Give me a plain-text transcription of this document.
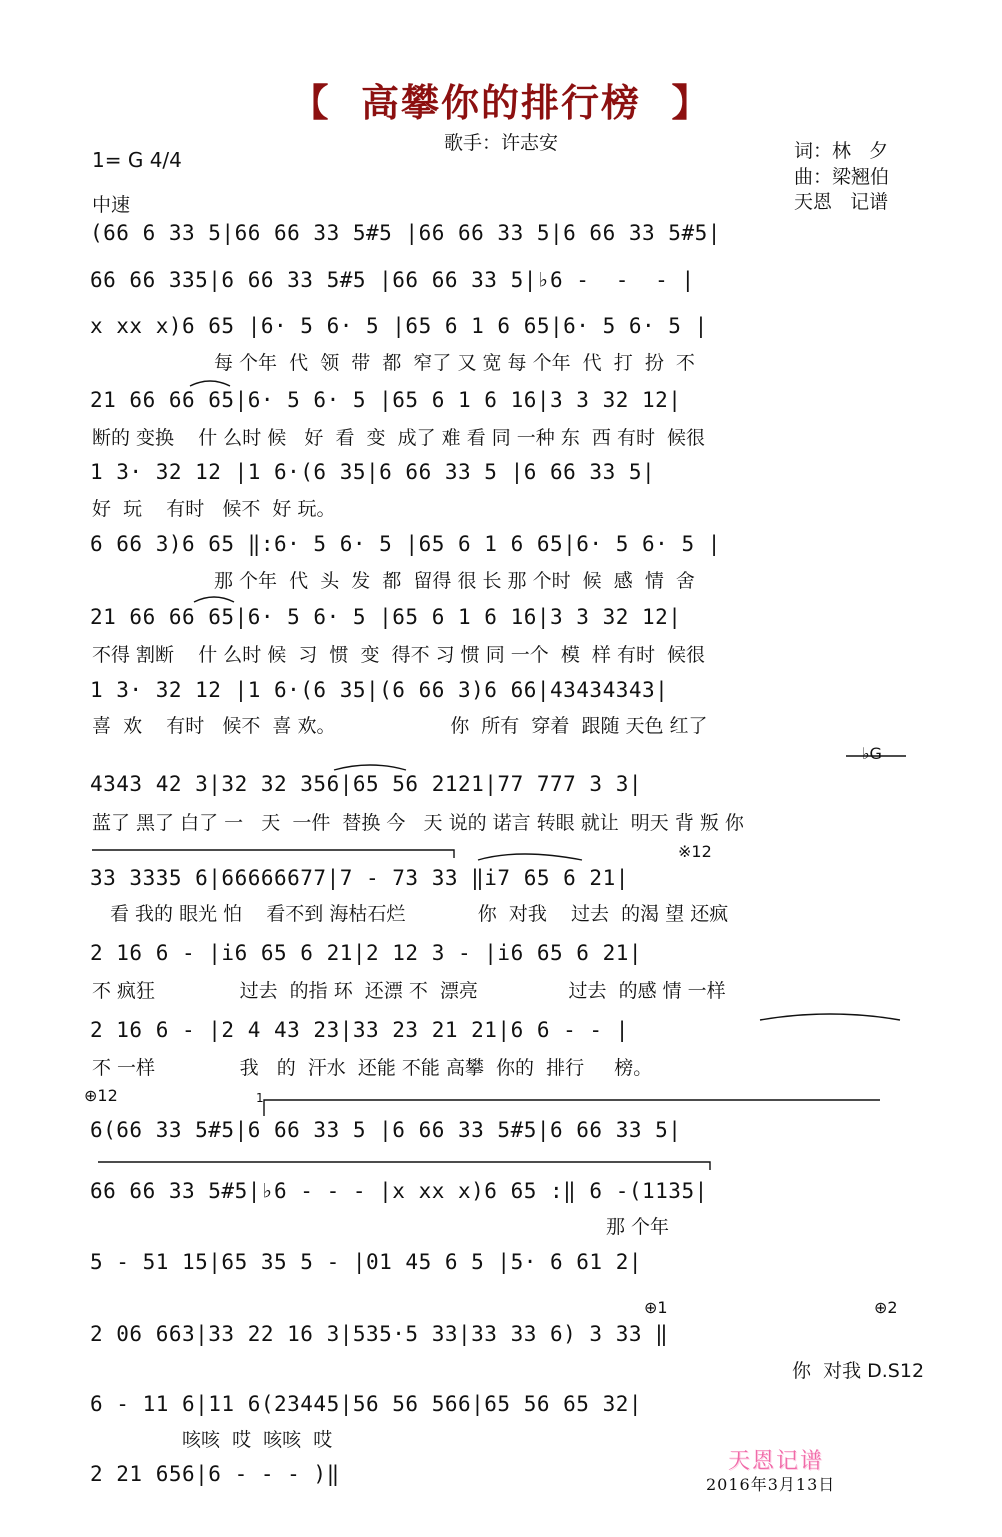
【  高攀你的排行榜  】
歌手：许志安	词：林   夕
曲：梁翘伯
天恩   记谱
1= G 4/4
中速
(66 6 33 5|66 66 33 5#5 |66 66 33 5|6 66 33 5#5|
66 66 335|6 66 33 5#5 |66 66 33 5|♭6 -  -  - |
x xx x)6 65 |6· 5 6· 5 |65 6 1 6 65|6· 5 6· 5 |
每 个年  代  领  带  都  窄了 又 宽 每 个年  代  打  扮  不
21 66 66 65|6· 5 6· 5 |65 6 1 6 16|3 3 32 12|
断的 变换    什 么时 候   好  看  变  成了 难 看 同 一种 东  西 有时  候很
1 3· 32 12 |1 6·(6 35|6 66 33 5 |6 66 33 5|
好  玩    有时   候不  好 玩。
6 66 3)6 65 ‖:6· 5 6· 5 |65 6 1 6 65|6· 5 6· 5 |
那 个年  代  头  发  都  留得 很 长 那 个时  候  感  情  舍
21 66 66 65|6· 5 6· 5 |65 6 1 6 16|3 3 32 12|
不得 割断    什 么时 候  习  惯  变  得不 习 惯 同 一个  模  样 有时  候很
1 3· 32 12 |1 6·(6 35|(6 66 3)6 66|43434343|
喜  欢    有时   候不  喜 欢。                   你  所有  穿着  跟随 天色 红了
4343 42 3|32 32 356|65 56 2121|77 777 3 3|
蓝了 黑了 白了 一   天  一件  替换 今   天 说的 诺言 转眼 就让  明天 背 叛 你
33 3335 6|66666677|7 - 73 33 ‖i7 65 6 21|
看 我的 眼光 怕    看不到 海枯石烂            你  对我    过去  的渴 望 还疯
2 16 6 - |i6 65 6 21|2 12 3 - |i6 65 6 21|
不 疯狂              过去  的指 环  还漂 不  漂亮               过去  的感 情 一样
2 16 6 - |2 4 43 23|33 23 21 21|6 6 - - |
不 一样              我   的  汗水  还能 不能 高攀  你的  排行     榜。
6(66 33 5#5|6 66 33 5 |6 66 33 5#5|6 66 33 5|
66 66 33 5#5|♭6 - - - |x xx x)6 65 :‖ 6 -(1135|
那 个年
5 - 51 15|65 35 5 - |01 45 6 5 |5· 6 61 2|
2 06 663|33 22 16 3|535·5 33|33 33 6) 3 33 ‖
你  对我 D.S12
6 - 11 6|11 6(23445|56 56 566|65 56 65 32|
咳咳  哎  咳咳  哎
2 21 656|6 - - - )‖
※12
⊕12	1
⊕1	⊕2
♭G
天恩记谱
2016年3月13日
